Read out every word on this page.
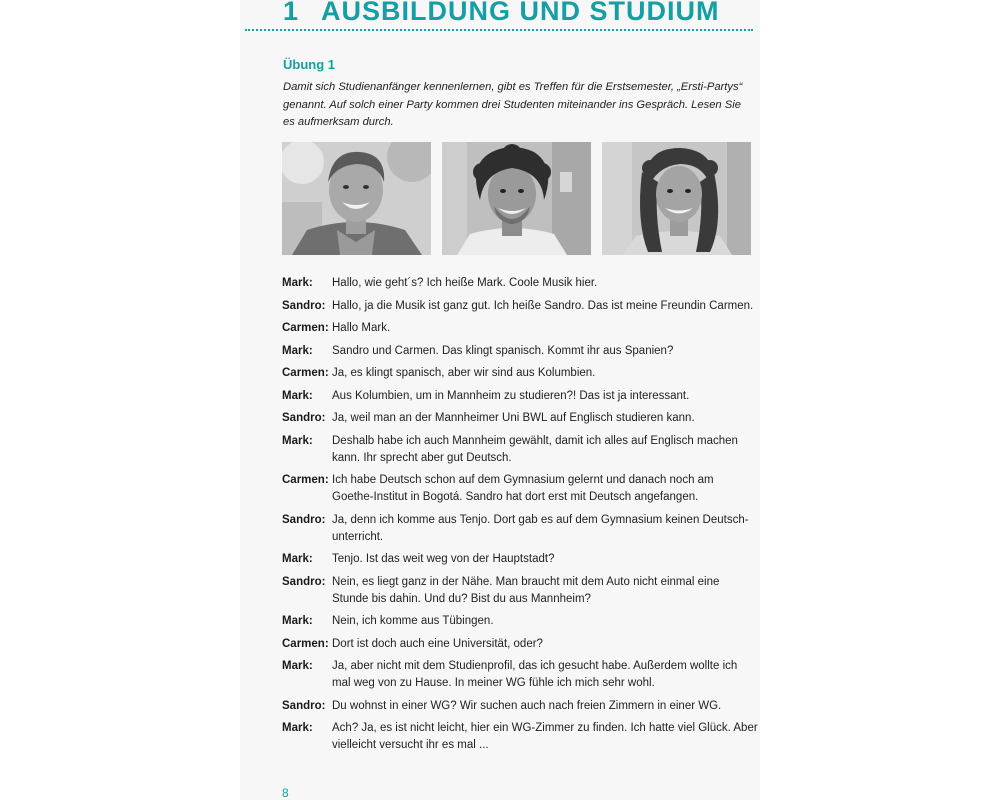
1 AUSBILDUNG UND STUDIUM
Übung 1
Damit sich Studienanfänger kennenlernen, gibt es Treffen für die Erstsemester, „Ersti-Partys“ genannt. Auf solch einer Party kommen drei Studenten miteinander ins Gespräch. Lesen Sie es aufmerksam durch.
Mark: Hallo, wie geht´s? Ich heiße Mark. Coole Musik hier.
Sandro: Hallo, ja die Musik ist ganz gut. Ich heiße Sandro. Das ist meine Freundin Carmen.
Carmen: Hallo Mark.
Mark: Sandro und Carmen. Das klingt spanisch. Kommt ihr aus Spanien?
Carmen: Ja, es klingt spanisch, aber wir sind aus Kolumbien.
Mark: Aus Kolumbien, um in Mannheim zu studieren?! Das ist ja interessant.
Sandro: Ja, weil man an der Mannheimer Uni BWL auf Englisch studieren kann.
Mark: Deshalb habe ich auch Mannheim gewählt, damit ich alles auf Englisch machen kann. Ihr sprecht aber gut Deutsch.
Carmen: Ich habe Deutsch schon auf dem Gymnasium gelernt und danach noch am Goethe-Institut in Bogotá. Sandro hat dort erst mit Deutsch angefangen.
Sandro: Ja, denn ich komme aus Tenjo. Dort gab es auf dem Gymnasium keinen Deutsch-unterricht.
Mark: Tenjo. Ist das weit weg von der Hauptstadt?
Sandro: Nein, es liegt ganz in der Nähe. Man braucht mit dem Auto nicht einmal eine Stunde bis dahin. Und du? Bist du aus Mannheim?
Mark: Nein, ich komme aus Tübingen.
Carmen: Dort ist doch auch eine Universität, oder?
Mark: Ja, aber nicht mit dem Studienprofil, das ich gesucht habe. Außerdem wollte ich mal weg von zu Hause. In meiner WG fühle ich mich sehr wohl.
Sandro: Du wohnst in einer WG? Wir suchen auch nach freien Zimmern in einer WG.
Mark: Ach? Ja, es ist nicht leicht, hier ein WG-Zimmer zu finden. Ich hatte viel Glück. Aber vielleicht versucht ihr es mal ...
8
